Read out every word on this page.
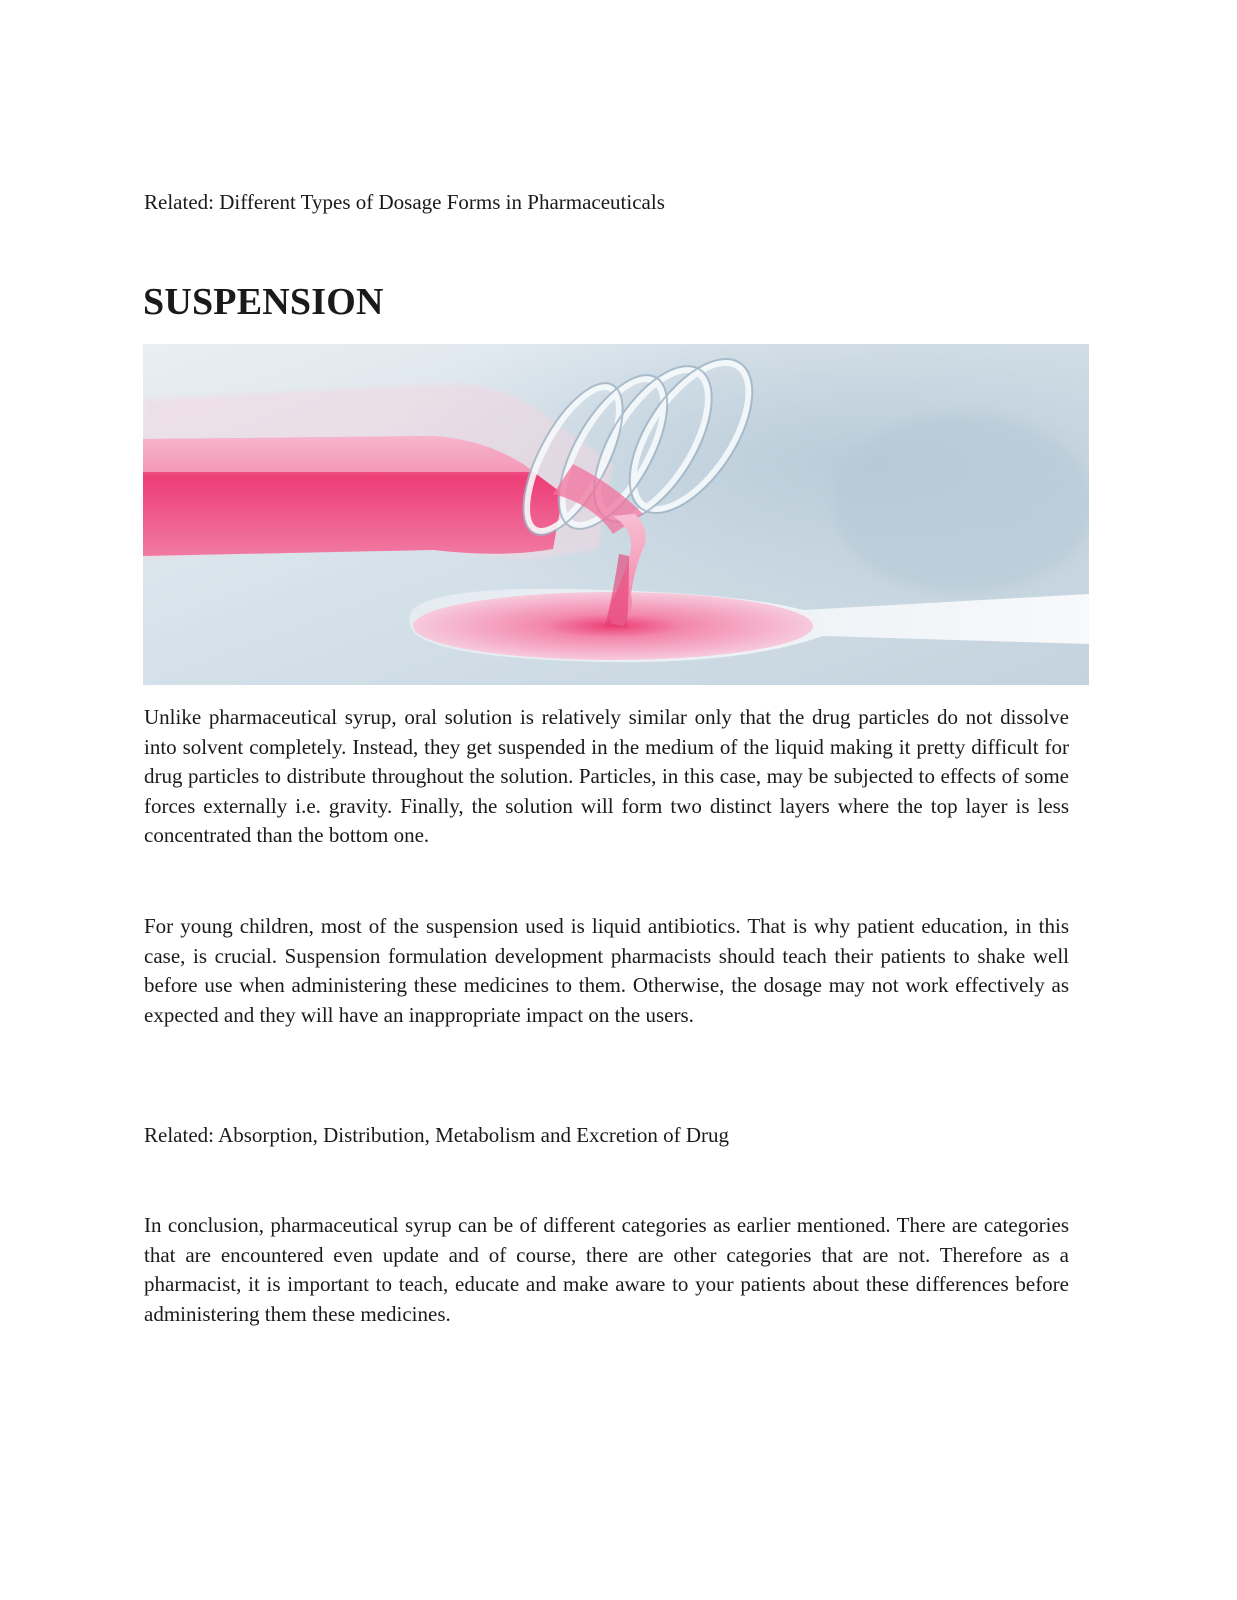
Related: Different Types of Dosage Forms in Pharmaceuticals
SUSPENSION

Unlike pharmaceutical syrup, oral solution is relatively similar only that the drug particles do not dissolve into solvent completely. Instead, they get suspended in the medium of the liquid making it pretty difficult for drug particles to distribute throughout the solution. Particles, in this case, may be subjected to effects of some forces externally i.e. gravity. Finally, the solution will form two distinct layers where the top layer is less concentrated than the bottom one.

For young children, most of the suspension used is liquid antibiotics. That is why patient education, in this case, is crucial. Suspension formulation development pharmacists should teach their patients to shake well before use when administering these medicines to them. Otherwise, the dosage may not work effectively as expected and they will have an inappropriate impact on the users.

Related: Absorption, Distribution, Metabolism and Excretion of Drug

In conclusion, pharmaceutical syrup can be of different categories as earlier mentioned. There are categories that are encountered even update and of course, there are other categories that are not. Therefore as a pharmacist, it is important to teach, educate and make aware to your patients about these differences before administering them these medicines.
